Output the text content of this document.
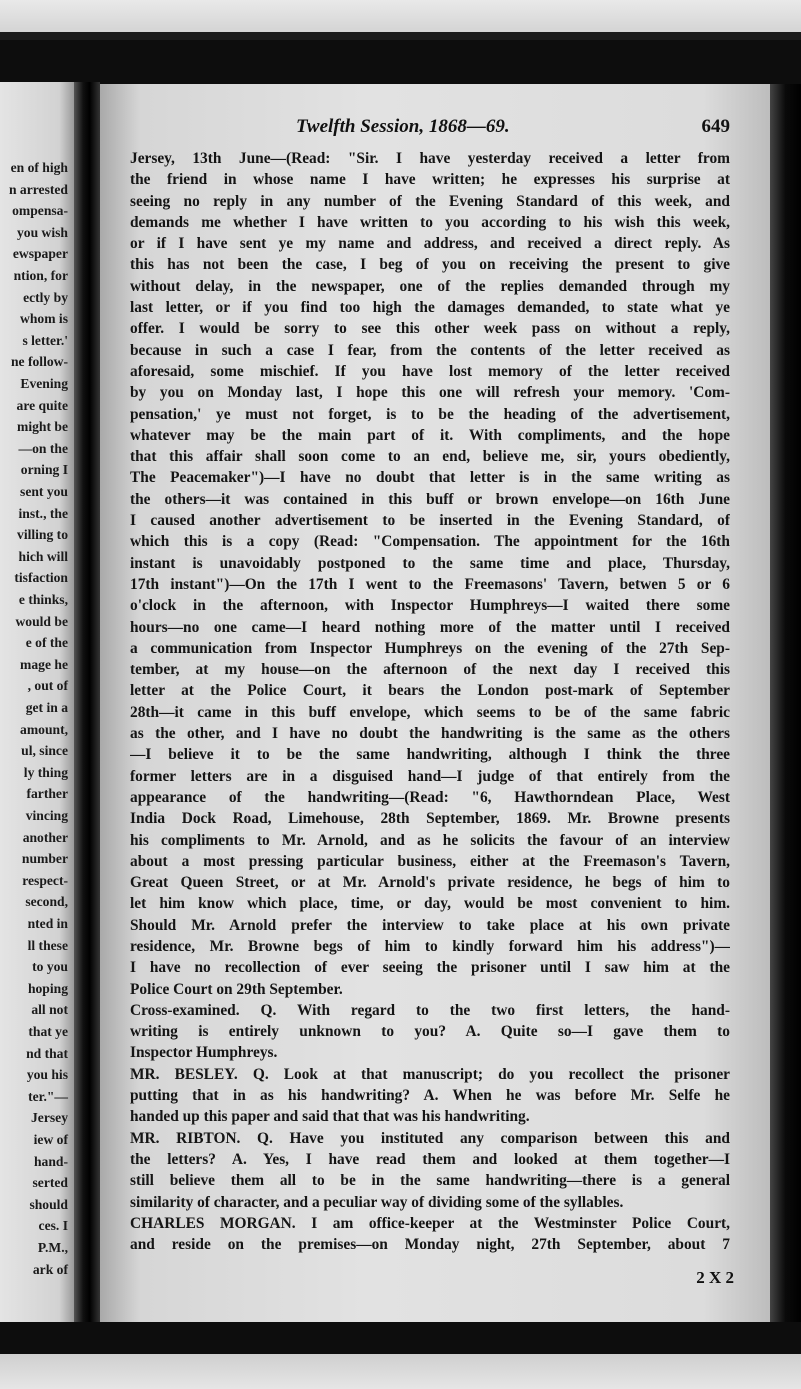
en of high
n arrested
ompensa-
you wish
ewspaper
ntion, for
ectly by
whom is
s letter.'
ne follow-
Evening
are quite
might be
—on the
orning I
sent you
inst., the
villing to
hich will
tisfaction
e thinks,
would be
e of the
mage he
, out of
get in a
amount,
ul, since
ly thing
farther
vincing
another
number
respect-
second,
nted in
ll these
to you
hoping
all not
that ye
nd that
you his
ter."—
Jersey
iew of
hand-
serted
should
ces. I
P.M.,
ark of
Twelfth Session, 1868—69.	649
Jersey, 13th June—(Read: "Sir. I have yesterday received a letter from
the friend in whose name I have written; he expresses his surprise at
seeing no reply in any number of the Evening Standard of this week, and
demands me whether I have written to you according to his wish this week,
or if I have sent ye my name and address, and received a direct reply. As
this has not been the case, I beg of you on receiving the present to give
without delay, in the newspaper, one of the replies demanded through my
last letter, or if you find too high the damages demanded, to state what ye
offer. I would be sorry to see this other week pass on without a reply,
because in such a case I fear, from the contents of the letter received as
aforesaid, some mischief. If you have lost memory of the letter received
by you on Monday last, I hope this one will refresh your memory. 'Com-
pensation,' ye must not forget, is to be the heading of the advertisement,
whatever may be the main part of it. With compliments, and the hope
that this affair shall soon come to an end, believe me, sir, yours obediently,
The Peacemaker")—I have no doubt that letter is in the same writing as
the others—it was contained in this buff or brown envelope—on 16th June
I caused another advertisement to be inserted in the Evening Standard, of
which this is a copy (Read: "Compensation. The appointment for the 16th
instant is unavoidably postponed to the same time and place, Thursday,
17th instant")—On the 17th I went to the Freemasons' Tavern, betwen 5 or 6
o'clock in the afternoon, with Inspector Humphreys—I waited there some
hours—no one came—I heard nothing more of the matter until I received
a communication from Inspector Humphreys on the evening of the 27th Sep-
tember, at my house—on the afternoon of the next day I received this
letter at the Police Court, it bears the London post-mark of September
28th—it came in this buff envelope, which seems to be of the same fabric
as the other, and I have no doubt the handwriting is the same as the others
—I believe it to be the same handwriting, although I think the three
former letters are in a disguised hand—I judge of that entirely from the
appearance of the handwriting—(Read: "6, Hawthorndean Place, West
India Dock Road, Limehouse, 28th September, 1869. Mr. Browne presents
his compliments to Mr. Arnold, and as he solicits the favour of an interview
about a most pressing particular business, either at the Freemason's Tavern,
Great Queen Street, or at Mr. Arnold's private residence, he begs of him to
let him know which place, time, or day, would be most convenient to him.
Should Mr. Arnold prefer the interview to take place at his own private
residence, Mr. Browne begs of him to kindly forward him his address")—
I have no recollection of ever seeing the prisoner until I saw him at the
Police Court on 29th September.
Cross-examined. Q. With regard to the two first letters, the hand-
writing is entirely unknown to you? A. Quite so—I gave them to
Inspector Humphreys.
MR. BESLEY. Q. Look at that manuscript; do you recollect the prisoner
putting that in as his handwriting? A. When he was before Mr. Selfe he
handed up this paper and said that that was his handwriting.
MR. RIBTON. Q. Have you instituted any comparison between this and
the letters? A. Yes, I have read them and looked at them together—I
still believe them all to be in the same handwriting—there is a general
similarity of character, and a peculiar way of dividing some of the syllables.
CHARLES MORGAN. I am office-keeper at the Westminster Police Court,
and reside on the premises—on Monday night, 27th September, about 7
2 X 2
